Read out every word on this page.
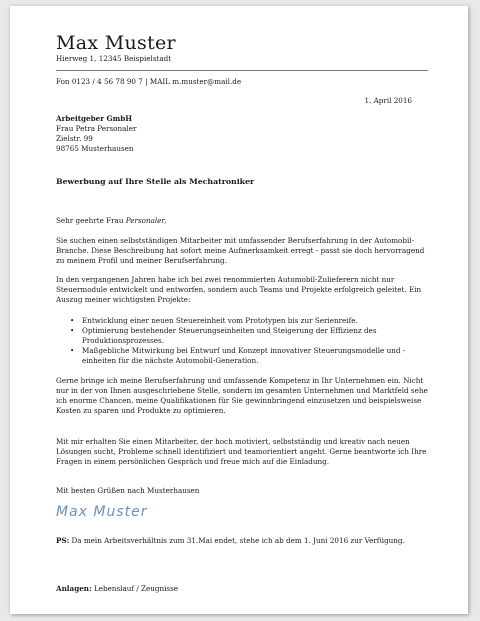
Max Muster
Hierweg 1, 12345 Beispielstadt
Fon 0123 / 4 56 78 90 7 | MAIL m.muster@mail.de
1. April 2016
Arbeitgeber GmbH
Frau Petra Personaler
Zielstr. 99
98765 Musterhausen
Bewerbung auf Ihre Stelle als Mechatroniker
Sehr geehrte Frau Personaler,

Sie suchen einen selbstständigen Mitarbeiter mit umfassender Berufserfahrung in der Automobil-Branche. Diese Beschreibung hat sofort meine Aufmerksamkeit erregt - passt sie doch hervorragend zu meinem Profil und meiner Berufserfahrung.

In den vergangenen Jahren habe ich bei zwei renommierten Automobil-Zulieferern nicht nur Steuermodule entwickelt und entworfen, sondern auch Teams und Projekte erfolgreich geleitet. Ein Auszug meiner wichtigsten Projekte:

• Entwicklung einer neuen Steuereinheit vom Prototypen bis zur Serienreife.
• Optimierung bestehender Steuerungseinheiten und Steigerung der Effizienz des Produktionsprozesses.
• Maßgebliche Mitwirkung bei Entwurf und Konzept innovativer Steuerungsmodelle und -einheiten für die nächste Automobil-Generation.

Gerne bringe ich meine Berufserfahrung und umfassende Kompetenz in Ihr Unternehmen ein. Nicht nur in der von Ihnen ausgeschriebene Stelle, sondern im gesamten Unternehmen und Marktfeld sehe ich enorme Chancen, meine Qualifikationen für Sie gewinnbringend einzusetzen und beispielsweise Kosten zu sparen und Produkte zu optimieren.

Mit mir erhalten Sie einen Mitarbeiter, der hoch motiviert, selbstständig und kreativ nach neuen Lösungen sucht, Probleme schnell identifiziert und teamorientiert angeht. Gerne beantworte ich Ihre Fragen in einem persönlichen Gespräch und freue mich auf die Einladung.

Mit besten Grüßen nach Musterhausen

Max Muster

PS: Da mein Arbeitsverhältnis zum 31.Mai endet, stehe ich ab dem 1. Juni 2016 zur Verfügung.

Anlagen: Lebenslauf / Zeugnisse
